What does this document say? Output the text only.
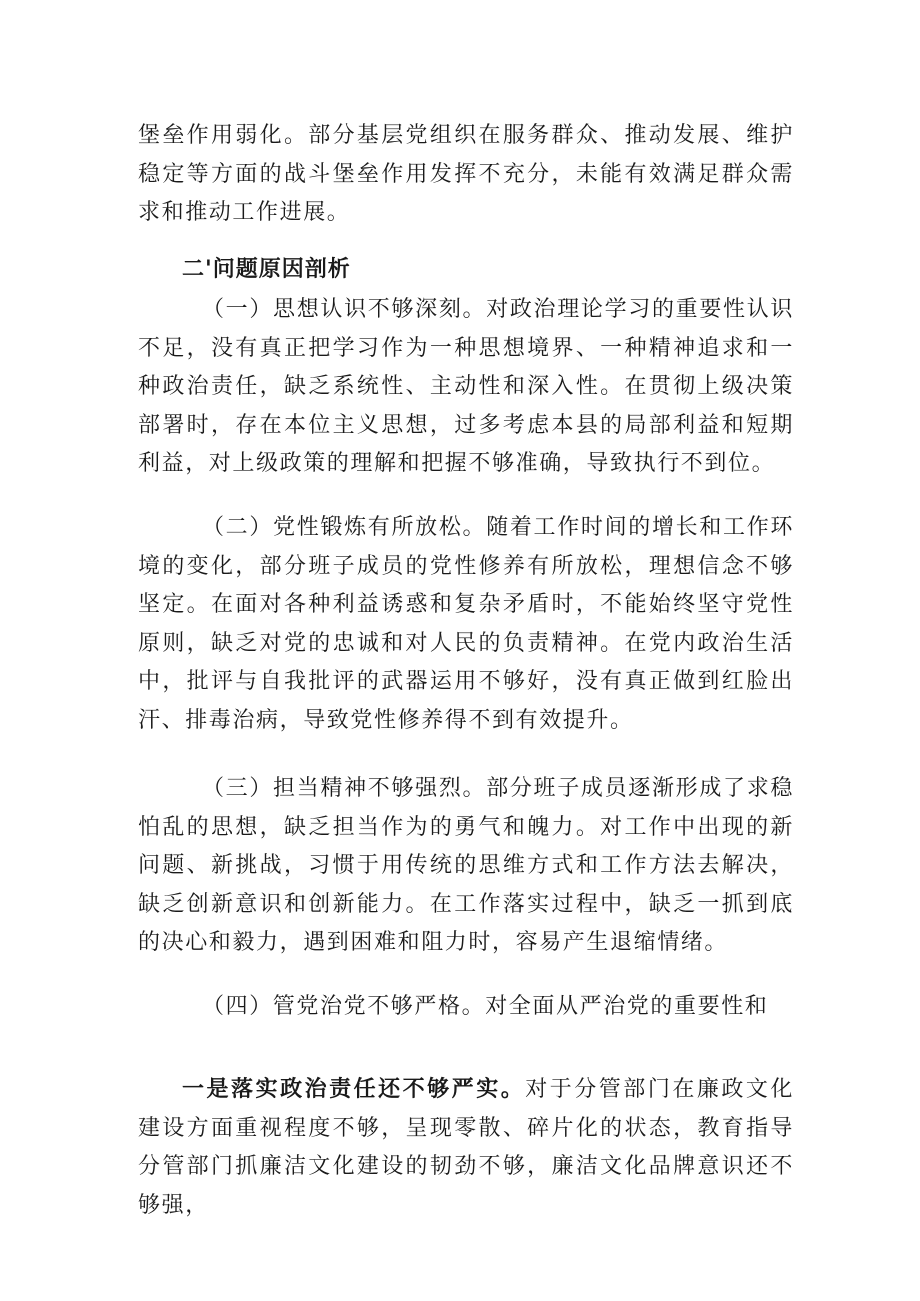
堡垒作用弱化。部分基层党组织在服务群众、推动发展、维护稳定等方面的战斗堡垒作用发挥不充分，未能有效满足群众需求和推动工作进展。

二'问题原因剖析

（一）思想认识不够深刻。对政治理论学习的重要性认识不足，没有真正把学习作为一种思想境界、一种精神追求和一种政治责任，缺乏系统性、主动性和深入性。在贯彻上级决策部署时，存在本位主义思想，过多考虑本县的局部利益和短期利益，对上级政策的理解和把握不够准确，导致执行不到位。

（二）党性锻炼有所放松。随着工作时间的增长和工作环境的变化，部分班子成员的党性修养有所放松，理想信念不够坚定。在面对各种利益诱惑和复杂矛盾时，不能始终坚守党性原则，缺乏对党的忠诚和对人民的负责精神。在党内政治生活中，批评与自我批评的武器运用不够好，没有真正做到红脸出汗、排毒治病，导致党性修养得不到有效提升。

（三）担当精神不够强烈。部分班子成员逐渐形成了求稳怕乱的思想，缺乏担当作为的勇气和魄力。对工作中出现的新问题、新挑战，习惯于用传统的思维方式和工作方法去解决，缺乏创新意识和创新能力。在工作落实过程中，缺乏一抓到底的决心和毅力，遇到困难和阻力时，容易产生退缩情绪。

（四）管党治党不够严格。对全面从严治党的重要性和

一是落实政治责任还不够严实。对于分管部门在廉政文化建设方面重视程度不够，呈现零散、碎片化的状态，教育指导分管部门抓廉洁文化建设的韧劲不够，廉洁文化品牌意识还不够强，
